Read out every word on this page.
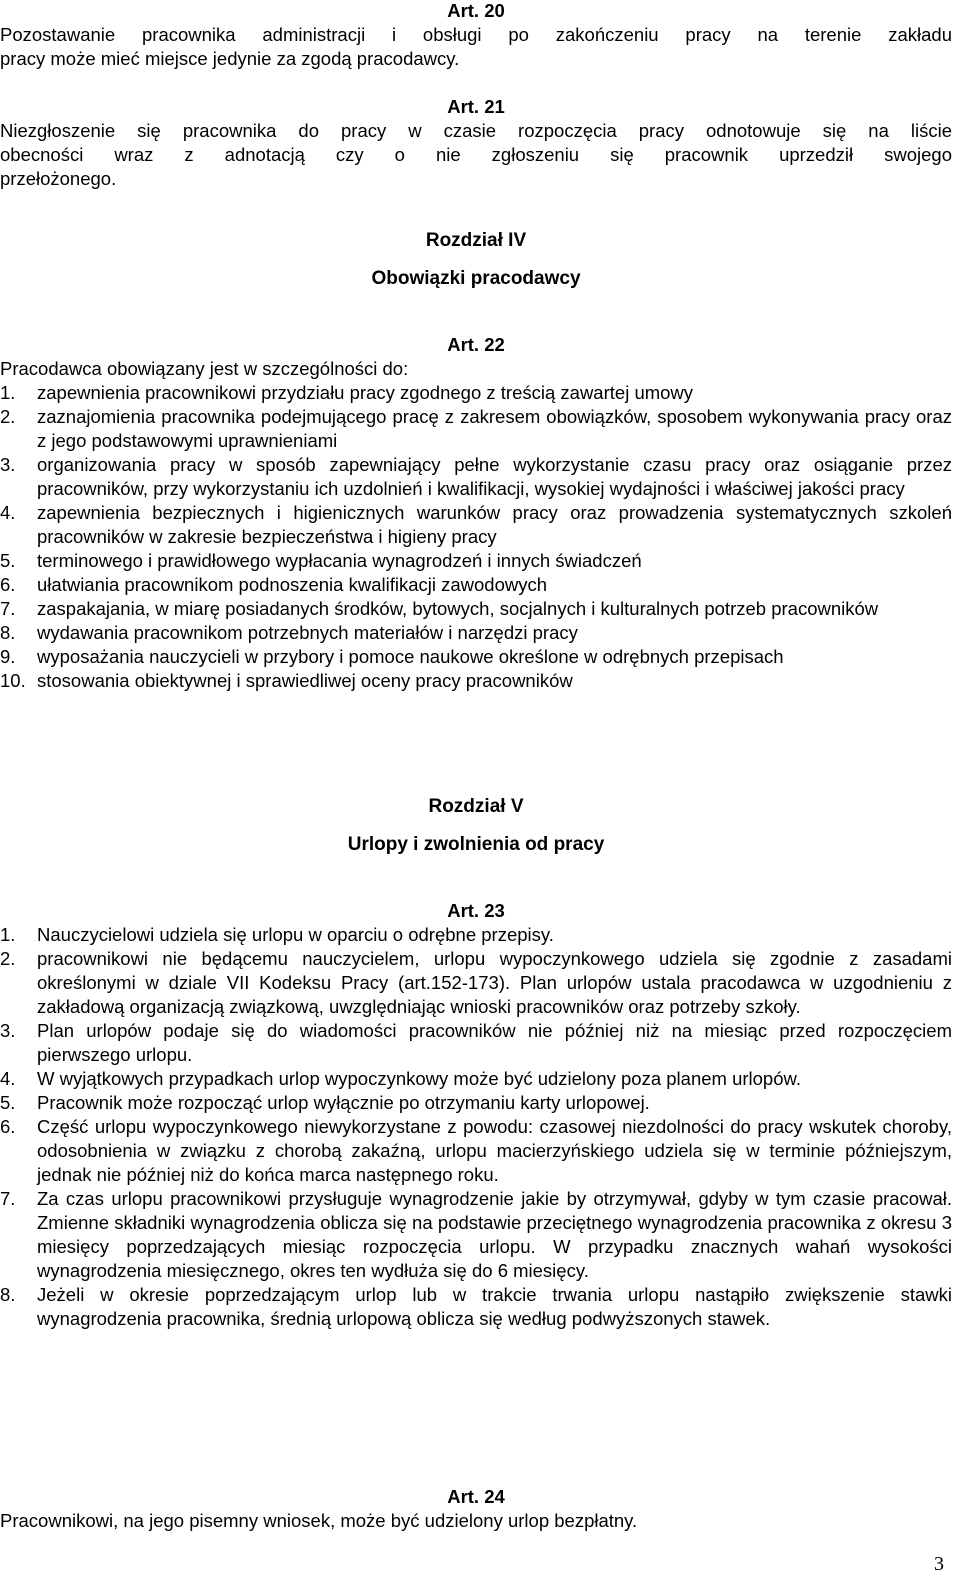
Art. 20
Pozostawanie pracownika administracji i obsługi po zakończeniu pracy na terenie zakładu
pracy może mieć miejsce jedynie za zgodą pracodawcy.
Art. 21
Niezgłoszenie się pracownika do pracy w czasie rozpoczęcia pracy odnotowuje się na liście
obecności wraz z adnotacją czy o nie zgłoszeniu się pracownik uprzedził swojego
przełożonego.
Rozdział IV
Obowiązki pracodawcy
Art. 22
Pracodawca obowiązany jest w szczególności do:
1. zapewnienia pracownikowi przydziału pracy zgodnego z treścią zawartej umowy
2. zaznajomienia pracownika podejmującego pracę z zakresem obowiązków, sposobem wykonywania pracy oraz z jego podstawowymi uprawnieniami
3. organizowania pracy w sposób zapewniający pełne wykorzystanie czasu pracy oraz osiąganie przez pracowników, przy wykorzystaniu ich uzdolnień i kwalifikacji, wysokiej wydajności i właściwej jakości pracy
4. zapewnienia bezpiecznych i higienicznych warunków pracy oraz prowadzenia systematycznych szkoleń pracowników w zakresie bezpieczeństwa i higieny pracy
5. terminowego i prawidłowego wypłacania wynagrodzeń i innych świadczeń
6. ułatwiania pracownikom podnoszenia kwalifikacji zawodowych
7. zaspakajania, w miarę posiadanych środków, bytowych, socjalnych i kulturalnych potrzeb pracowników
8. wydawania pracownikom potrzebnych materiałów i narzędzi pracy
9. wyposażania nauczycieli w przybory i pomoce naukowe określone w odrębnych przepisach
10. stosowania obiektywnej i sprawiedliwej oceny pracy pracowników
Rozdział V
Urlopy i zwolnienia od pracy
Art. 23
1. Nauczycielowi udziela się urlopu w oparciu o odrębne przepisy.
2. pracownikowi nie będącemu nauczycielem, urlopu wypoczynkowego udziela się zgodnie z zasadami określonymi w dziale VII Kodeksu Pracy (art.152-173). Plan urlopów ustala pracodawca w uzgodnieniu z zakładową organizacją związkową, uwzględniając wnioski pracowników oraz potrzeby szkoły.
3. Plan urlopów podaje się do wiadomości pracowników nie później niż na miesiąc przed rozpoczęciem pierwszego urlopu.
4. W wyjątkowych przypadkach urlop wypoczynkowy może być udzielony poza planem urlopów.
5. Pracownik może rozpocząć urlop wyłącznie po otrzymaniu karty urlopowej.
6. Część urlopu wypoczynkowego niewykorzystane z powodu: czasowej niezdolności do pracy wskutek choroby, odosobnienia w związku z chorobą zakaźną, urlopu macierzyńskiego udziela się w terminie późniejszym, jednak nie później niż do końca marca następnego roku.
7. Za czas urlopu pracownikowi przysługuje wynagrodzenie jakie by otrzymywał, gdyby w tym czasie pracował. Zmienne składniki wynagrodzenia oblicza się na podstawie przeciętnego wynagrodzenia pracownika z okresu 3 miesięcy poprzedzających miesiąc rozpoczęcia urlopu. W przypadku znacznych wahań wysokości wynagrodzenia miesięcznego, okres ten wydłuża się do 6 miesięcy.
8. Jeżeli w okresie poprzedzającym urlop lub w trakcie trwania urlopu nastąpiło zwiększenie stawki wynagrodzenia pracownika, średnią urlopową oblicza się według podwyższonych stawek.
Art. 24
Pracownikowi, na jego pisemny wniosek, może być udzielony urlop bezpłatny.
3
